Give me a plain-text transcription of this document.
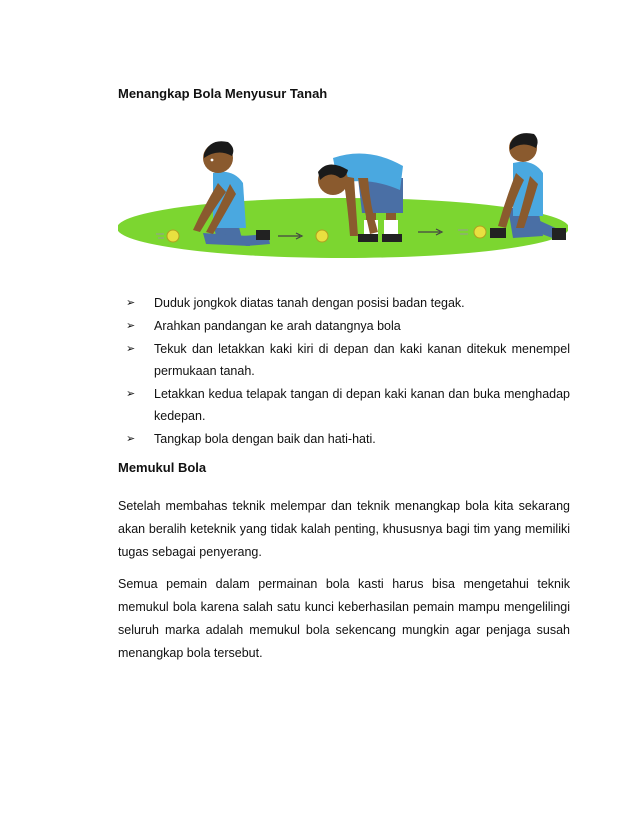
Menangkap Bola Menyusur Tanah
➢ Duduk jongkok diatas tanah dengan posisi badan tegak.
➢ Arahkan pandangan ke arah datangnya bola
➢ Tekuk dan letakkan kaki kiri di depan dan kaki kanan ditekuk menempel permukaan tanah.
➢ Letakkan kedua telapak tangan di depan kaki kanan dan buka menghadap kedepan.
➢ Tangkap bola dengan baik dan hati-hati.
Memukul Bola

Setelah membahas teknik melempar dan teknik menangkap bola kita sekarang akan beralih keteknik yang tidak kalah penting, khususnya bagi tim yang memiliki tugas sebagai penyerang.

Semua pemain dalam permainan bola kasti harus bisa mengetahui teknik memukul bola karena salah satu kunci keberhasilan pemain mampu mengelilingi seluruh marka adalah memukul bola sekencang mungkin agar penjaga susah menangkap bola tersebut.
